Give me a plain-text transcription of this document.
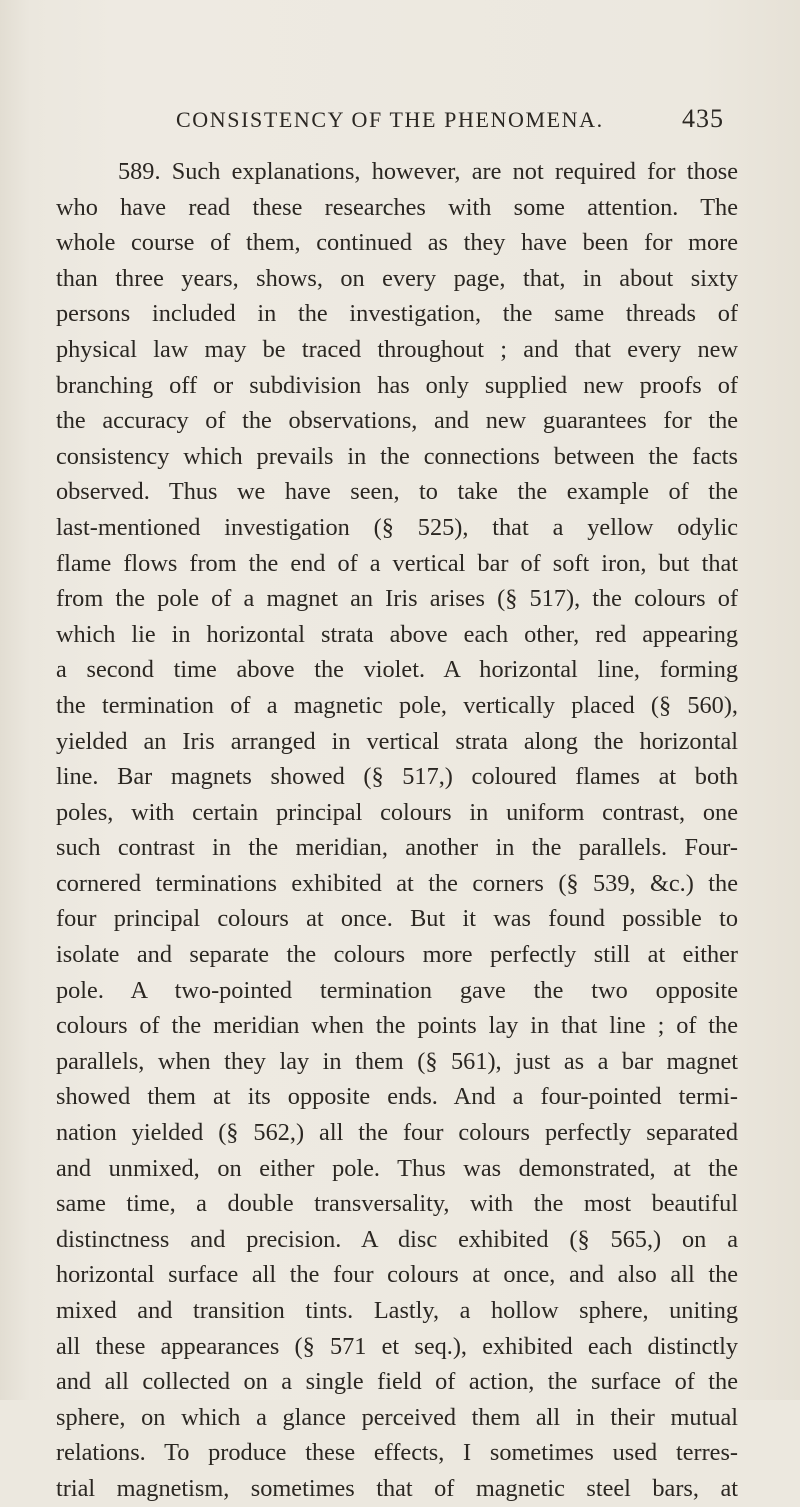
CONSISTENCY OF THE PHENOMENA.	435
589. Such explanations, however, are not required for those
who have read these researches with some attention. The
whole course of them, continued as they have been for more
than three years, shows, on every page, that, in about sixty
persons included in the investigation, the same threads of
physical law may be traced throughout ; and that every new
branching off or subdivision has only supplied new proofs of
the accuracy of the observations, and new guarantees for the
consistency which prevails in the connections between the facts
observed. Thus we have seen, to take the example of the
last-mentioned investigation (§ 525), that a yellow odylic
flame flows from the end of a vertical bar of soft iron, but that
from the pole of a magnet an Iris arises (§ 517), the colours of
which lie in horizontal strata above each other, red appearing
a second time above the violet. A horizontal line, forming
the termination of a magnetic pole, vertically placed (§ 560),
yielded an Iris arranged in vertical strata along the horizontal
line. Bar magnets showed (§ 517,) coloured flames at both
poles, with certain principal colours in uniform contrast, one
such contrast in the meridian, another in the parallels. Four-
cornered terminations exhibited at the corners (§ 539, &c.) the
four principal colours at once. But it was found possible to
isolate and separate the colours more perfectly still at either
pole. A two-pointed termination gave the two opposite
colours of the meridian when the points lay in that line ; of the
parallels, when they lay in them (§ 561), just as a bar magnet
showed them at its opposite ends. And a four-pointed termi-
nation yielded (§ 562,) all the four colours perfectly separated
and unmixed, on either pole. Thus was demonstrated, at the
same time, a double transversality, with the most beautiful
distinctness and precision. A disc exhibited (§ 565,) on a
horizontal surface all the four colours at once, and also all the
mixed and transition tints. Lastly, a hollow sphere, uniting
all these appearances (§ 571 et seq.), exhibited each distinctly
and all collected on a single field of action, the surface of the
sphere, on which a glance perceived them all in their mutual
relations. To produce these effects, I sometimes used terres-
trial magnetism, sometimes that of magnetic steel bars, at
